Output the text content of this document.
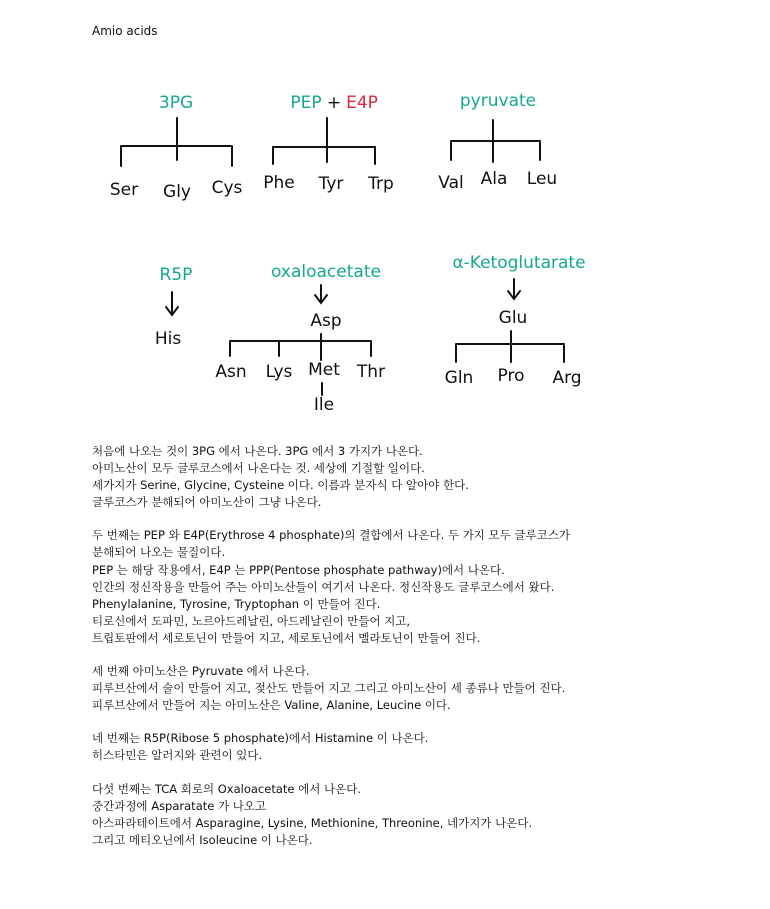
Amio acids
3PG
Ser Gly Cys
PEP + E4P
Phe Tyr Trp
pyruvate
Val Ala Leu
R5P
His
oxaloacetate
Asp
Asn Lys Met Thr
Ile
α-Ketoglutarate
Glu
Gln Pro Arg

처음에 나오는 것이 3PG 에서 나온다. 3PG 에서 3 가지가 나온다.
아미노산이 모두 글루코스에서 나온다는 것. 세상에 기절할 일이다.
세가지가 Serine, Glycine, Cysteine 이다. 이름과 분자식 다 알아야 한다.
글루코스가 분해되어 아미노산이 그냥 나온다.

두 번째는 PEP 와 E4P(Erythrose 4 phosphate)의 결합에서 나온다. 두 가지 모두 글루코스가
분해되어 나오는 물질이다.
PEP 는 해당 작용에서, E4P 는 PPP(Pentose phosphate pathway)에서 나온다.
인간의 정신작용을 만들어 주는 아미노산들이 여기서 나온다. 정신작용도 글루코스에서 왔다.
Phenylalanine, Tyrosine, Tryptophan 이 만들어 진다.
티로신에서 도파민, 노르아드레날린, 아드레날린이 만들어 지고,
트립토판에서 세로토닌이 만들어 지고, 세로토닌에서 멜라토닌이 만들어 진다.

세 번째 아미노산은 Pyruvate 에서 나온다.
피루브산에서 술이 만들어 지고, 젖산도 만들어 지고 그리고 아미노산이 세 종류나 만들어 진다.
피루브산에서 만들어 지는 아미노산은 Valine, Alanine, Leucine 이다.

네 번째는 R5P(Ribose 5 phosphate)에서 Histamine 이 나온다.
히스타민은 알러지와 관련이 있다.

다섯 번째는 TCA 회로의 Oxaloacetate 에서 나온다.
중간과정에 Asparatate 가 나오고
아스파라테이트에서 Asparagine, Lysine, Methionine, Threonine, 네가지가 나온다.
그리고 메티오닌에서 Isoleucine 이 나온다.
